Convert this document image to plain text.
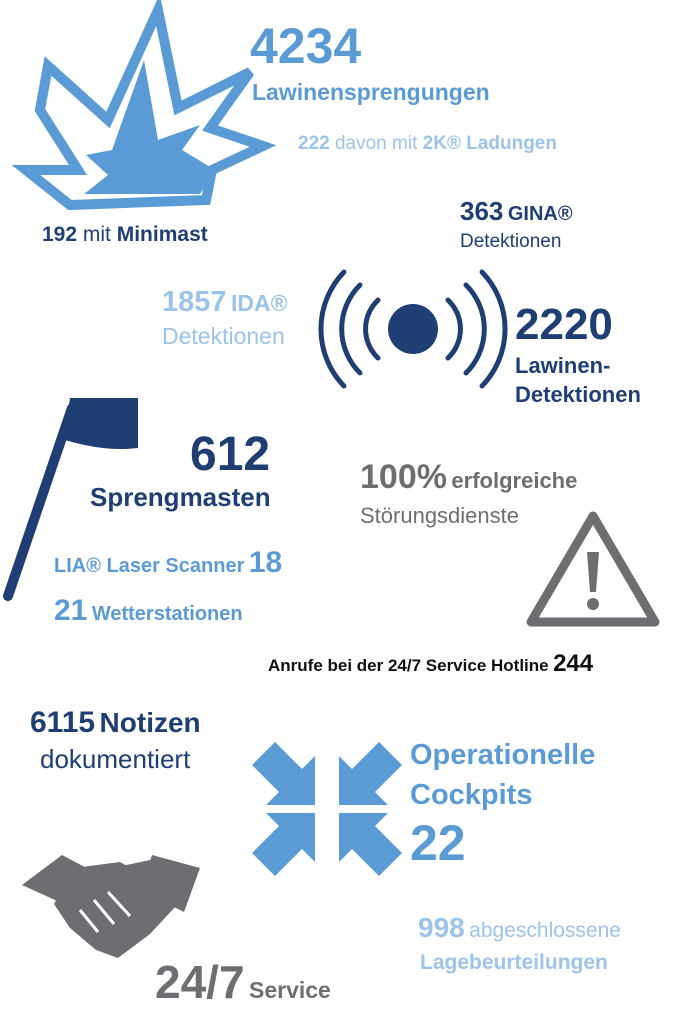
4234
Lawinensprengungen
222 davon mit 2K® Ladungen
192 mit Minimast
363 GINA®
Detektionen
1857 IDA®
Detektionen	2220
Lawinen-
Detektionen
612
Sprengmasten
LIA® Laser Scanner 18
21 Wetterstationen
100% erfolgreiche
Störungsdienste
Anrufe bei der 24/7 Service Hotline 244
6115 Notizen
dokumentiert	Operationelle
Cockpits
22
998 abgeschlossene
Lagebeurteilungen
24/7 Service
